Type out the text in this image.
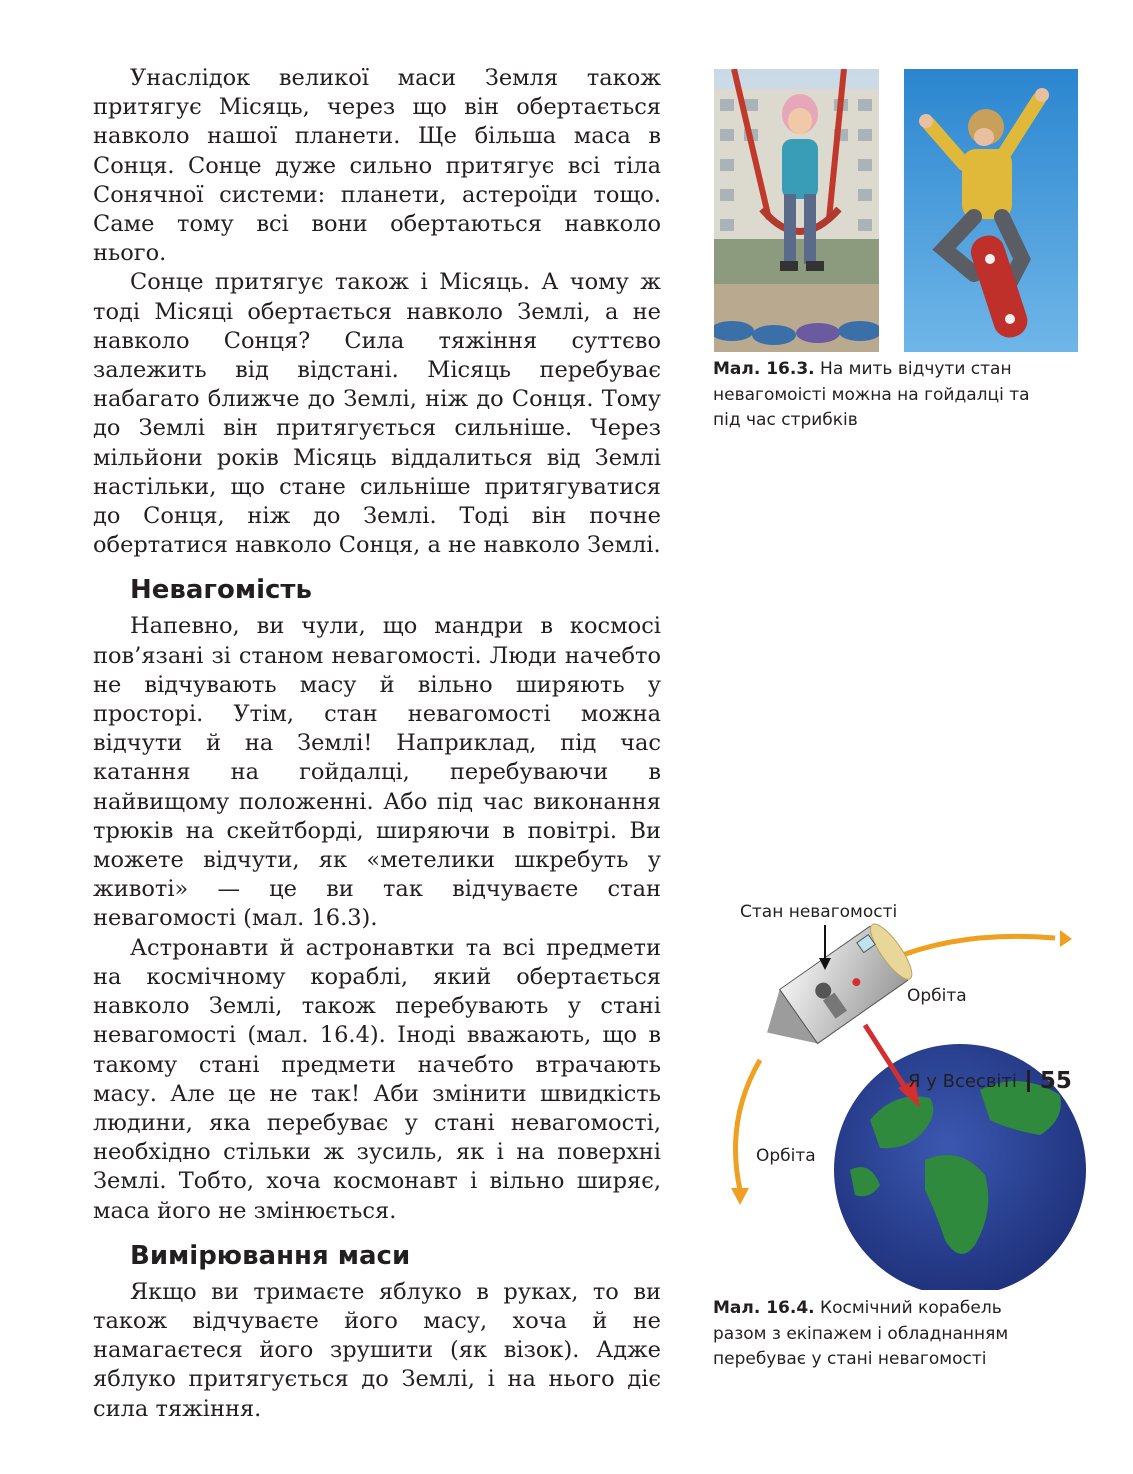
Унаслідок великої маси Земля також притягує Місяць, через що він обертається навколо нашої планети. Ще більша маса в Сонця. Сонце дуже сильно притягує всі тіла Сонячної системи: планети, астероїди тощо. Саме тому всі вони обертаються навколо нього.

Сонце притягує також і Місяць. А чому ж тоді Місяці обертається навколо Землі, а не навколо Сонця? Сила тяжіння суттєво залежить від відстані. Місяць перебуває набагато ближче до Землі, ніж до Сонця. Тому до Землі він притягується сильніше. Через мільйони років Місяць віддалиться від Землі настільки, що стане сильніше притягуватися до Сонця, ніж до Землі. Тоді він почне обертатися навколо Сонця, а не навколо Землі.

Невагомість

Напевно, ви чули, що мандри в космосі пов’язані зі станом невагомості. Люди начебто не відчувають масу й вільно ширяють у просторі. Утім, стан невагомості можна відчути й на Землі! Наприклад, під час катання на гойдалці, перебуваючи в найвищому положенні. Або під час виконання трюків на скейтборді, ширяючи в повітрі. Ви можете відчути, як «метелики шкребуть у животі» — це ви так відчуваєте стан невагомості (мал. 16.3).

Астронавти й астронавтки та всі предмети на космічному кораблі, який обертається навколо Землі, також перебувають у стані невагомості (мал. 16.4). Іноді вважають, що в такому стані предмети начебто втрачають масу. Але це не так! Аби змінити швидкість людини, яка перебуває у стані невагомості, необхідно стільки ж зусиль, як і на поверхні Землі. Тобто, хоча космонавт і вільно ширяє, маса його не змінюється.

Вимірювання маси

Якщо ви тримаєте яблуко в руках, то ви також відчуваєте його масу, хоча й не намагаєтеся його зрушити (як візок). Адже яблуко притягується до Землі, і на нього діє сила тяжіння.

Мал. 16.3. На мить відчути стан невагомоісті можна на гойдалці та під час стрибків
Стан невагомості
Орбіта
Орбіта
Мал. 16.4. Космічний корабель разом з екіпажем і обладнанням перебуває у стані невагомості
Я у Всесвіті 55
